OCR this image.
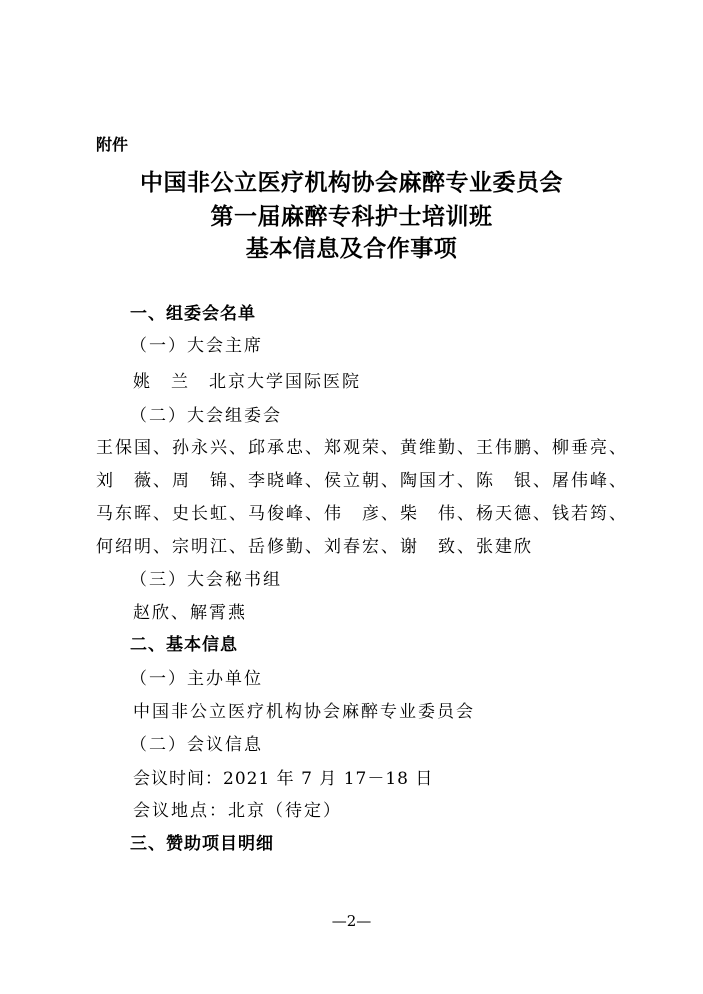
附件
中国非公立医疗机构协会麻醉专业委员会
第一届麻醉专科护士培训班
基本信息及合作事项
一、组委会名单
（一）大会主席
姚　兰　北京大学国际医院
（二）大会组委会
王保国、孙永兴、邱承忠、郑观荣、黄维勤、王伟鹏、柳垂亮、
刘　薇、周　锦、李晓峰、侯立朝、陶国才、陈　银、屠伟峰、
马东晖、史长虹、马俊峰、伟　彦、柴　伟、杨天德、钱若筠、
何绍明、宗明江、岳修勤、刘春宏、谢　致、张建欣
（三）大会秘书组
赵欣、解霄燕
二、基本信息
（一）主办单位
中国非公立医疗机构协会麻醉专业委员会
（二）会议信息
会议时间：2021 年 7 月 17－18 日
会议地点：北京（待定）
三、赞助项目明细
—2—
